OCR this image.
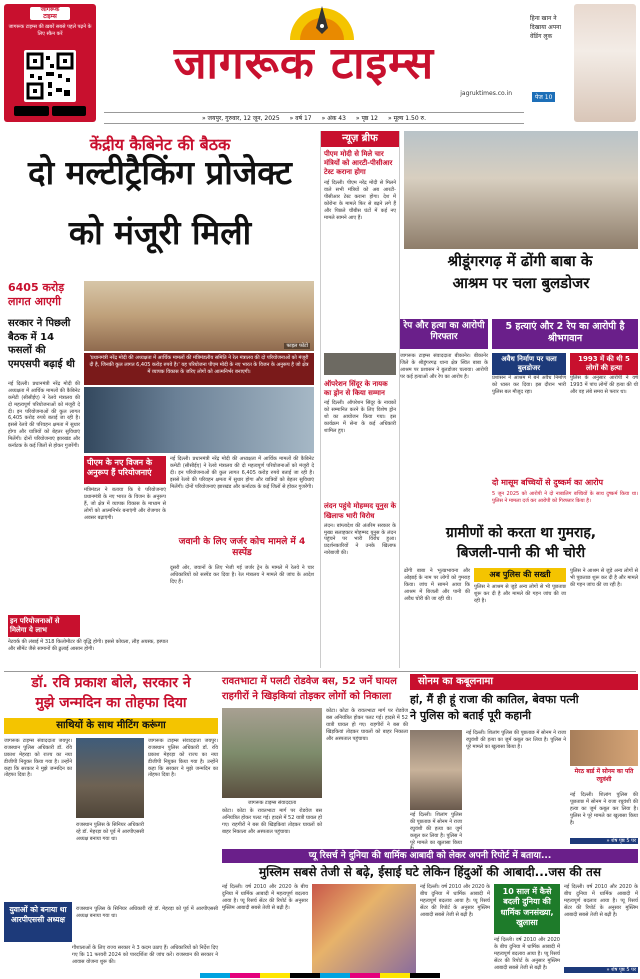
जागरूक
टाइम्स
जागरूक टाइम्स की ख़बरें सबसे पहले पढ़ने के लिए स्कैन करें
जागरूक टाइम्स
jagruktimes.co.in
हिना खान ने दिखाया अपना वेडिंग लुक
पेज 10
» जयपुर, गुरुवार, 12 जून, 2025 » वर्ष 17 » अंक 43 » पृष्ठ 12 » मूल्य 1.50 रु.
केंद्रीय कैबिनेट की बैठक
दो मल्टीट्रैकिंग प्रोजेक्ट
को मंजूरी मिली
6405 करोड़ लागत आएगी
सरकार ने पिछली बैठक में 14 फसलों की एमएसपी बढ़ाई थी
फाइल फोटो
'प्रधानमंत्री नरेंद्र मोदी की अध्यक्षता में आर्थिक मामलों की मंत्रिमंडलीय समिति ने रेल मंत्रालय की दो परियोजनाओं को मंजूरी दी है, जिनकी कुल लागत 6,405 करोड़ रुपये है।' यह परियोजना पीएम मोदी के नए भारत के विजन के अनुरूप है जो क्षेत्र में व्यापक विकास के जरिए लोगों को आत्मनिर्भर बनाएगी।
नई दिल्ली। प्रधानमंत्री नरेंद्र मोदी की अध्यक्षता में आर्थिक मामलों की कैबिनेट कमेटी (सीसीईए) ने रेलवे मंत्रालय की दो महत्वपूर्ण परियोजनाओं को मंजूरी दे दी। इन परियोजनाओं की कुल लागत 6,405 करोड़ रुपये बताई जा रही है। इससे रेलवे की परिवहन क्षमता में सुधार होगा और यात्रियों को बेहतर सुविधाएं मिलेंगी। दोनों परियोजनाएं झारखंड और कर्नाटक के कई जिलों से होकर गुजरेंगी।
पीएम के नए विजन के अनुरूप हैं परियोजनाएं
मंत्रिमंडल ने बताया कि ये परियोजनाएं प्रधानमंत्री के नए भारत के विजन के अनुरूप हैं, जो क्षेत्र में व्यापक विकास के माध्यम से लोगों को आत्मनिर्भर बनाएंगी और रोजगार के अवसर बढ़ाएंगी।
नई दिल्ली। प्रधानमंत्री नरेंद्र मोदी की अध्यक्षता में आर्थिक मामलों की कैबिनेट कमेटी (सीसीईए) ने रेलवे मंत्रालय की दो महत्वपूर्ण परियोजनाओं को मंजूरी दे दी। इन परियोजनाओं की कुल लागत 6,405 करोड़ रुपये बताई जा रही है। इससे रेलवे की परिवहन क्षमता में सुधार होगा और यात्रियों को बेहतर सुविधाएं मिलेंगी। दोनों परियोजनाएं झारखंड और कर्नाटक के कई जिलों से होकर गुजरेंगी।
जवानी के लिए जर्जर कोच मामले में 4 सस्पेंड
दूसरी ओर, जवानों के लिए भेजी गई जर्जर ट्रेन के मामले में रेलवे ने चार अधिकारियों को सस्पेंड कर दिया है। रेल मंत्रालय ने मामले की जांच के आदेश दिए हैं।
इन परियोजनाओं से मिलेगा ये लाभ
नेटवर्क की लंबाई में 318 किलोमीटर की वृद्धि होगी। इससे कोयला, लौह अयस्क, इस्पात और सीमेंट जैसे सामानों की ढुलाई आसान होगी।
न्यूज़ ब्रीफ
पीएम मोदी से मिले चार मंत्रियों को आरटी-पीसीआर टेस्ट कराना होगा
नई दिल्ली। पीएम नरेंद्र मोदी से मिलने वाले सभी मंत्रियों को अब आरटी-पीसीआर टेस्ट कराना होगा। देश में कोरोना के मामले फिर से बढ़ने लगे हैं और पिछले चौबीस घंटों में कई नए मामले सामने आए हैं।
ऑपरेशन सिंदूर के नायक का ड्रोन से किया सम्मान
नई दिल्ली। ऑपरेशन सिंदूर के नायकों को सम्मानित करने के लिए विशेष ड्रोन शो का आयोजन किया गया। इस कार्यक्रम में सेना के कई अधिकारी शामिल हुए।
लंदन पहुंचे मोहम्मद यूनुस के खिलाफ भारी विरोध
लंदन। बांग्लादेश की अंतरिम सरकार के मुख्य सलाहकार मोहम्मद यूनुस के लंदन पहुंचने पर भारी विरोध हुआ। प्रदर्शनकारियों ने उनके खिलाफ नारेबाजी की।
श्रीडूंगरगढ़ में ढोंगी बाबा के
आश्रम पर चला बुलडोजर
रेप और हत्या का आरोपी गिरफ्तार
5 हत्याएं और 2 रेप का आरोपी है श्रीभगवान
जागरूक टाइम्स संवाददाता बीकानेर। बीकानेर जिले के श्रीडूंगरगढ़ थाना क्षेत्र स्थित बाबा के आश्रम पर प्रशासन ने बुलडोजर चलाया। आरोपी पर कई हत्याओं और रेप का आरोप है।
अवैध निर्माण पर चला बुलडोजर
प्रशासन ने आश्रम में बने अवैध निर्माण को ध्वस्त कर दिया। इस दौरान भारी पुलिस बल मौजूद रहा।
1993 में की थी 5 लोगों की हत्या
पुलिस के अनुसार आरोपी ने वर्ष 1993 में पांच लोगों की हत्या की थी और वह लंबे समय से फरार था।
दो मासूम बच्चियों से दुष्कर्म का आरोप
5 जून 2025 को आरोपी ने दो नाबालिग बच्चियों के साथ दुष्कर्म किया था। पुलिस ने मामला दर्ज कर आरोपी को गिरफ्तार किया है।
ग्रामीणों को करता था गुमराह,
बिजली-पानी की भी चोरी
ढोंगी बाबा ने भूतप्रभावना और ओझाई के नाम पर लोगों को गुमराह किया। जांच में सामने आया कि आश्रम में बिजली और पानी की अवैध चोरी की जा रही थी।
अब पुलिस की सख्ती
पुलिस ने आश्रम से जुड़े अन्य लोगों से भी पूछताछ शुरू कर दी है और मामले की गहन जांच की जा रही है।
पुलिस ने आश्रम से जुड़े अन्य लोगों से भी पूछताछ शुरू कर दी है और मामले की गहन जांच की जा रही है।
डॉ. रवि प्रकाश बोले, सरकार ने
मुझे जन्मदिन का तोहफा दिया
साथियों के साथ मीटिंग करूंगा
जागरूक टाइम्स संवाददाता जयपुर। राजस्थान पुलिस अधिकारी डॉ. रवि प्रकाश मेहरड़ा को राज्य का नया डीजीपी नियुक्त किया गया है। उन्होंने कहा कि सरकार ने मुझे जन्मदिन का तोहफा दिया है।
जागरूक टाइम्स संवाददाता जयपुर। राजस्थान पुलिस अधिकारी डॉ. रवि प्रकाश मेहरड़ा को राज्य का नया डीजीपी नियुक्त किया गया है। उन्होंने कहा कि सरकार ने मुझे जन्मदिन का तोहफा दिया है।
राजस्थान पुलिस के सिनियर अधिकारी रहे डॉ. मेहरड़ा को पूर्व में आरपीएससी अध्यक्ष बनाया गया था।
युवाओं को बनाया था आरपीएससी अध्यक्ष
राजस्थान पुलिस के सिनियर अधिकारी रहे डॉ. मेहरड़ा को पूर्व में आरपीएससी अध्यक्ष बनाया गया था।
रावतभाटा में पलटी रोडवेज बस, 52 जनें घायल
राहगीरों ने खिड़कियां तोड़कर लोगों को निकाला
जागरूक टाइम्स संवाददाता
कोटा। कोटा के रावतभाटा मार्ग पर रोडवेज बस अनियंत्रित होकर पलट गई। हादसे में 52 यात्री घायल हो गए। राहगीरों ने बस की खिड़कियां तोड़कर घायलों को बाहर निकाला और अस्पताल पहुंचाया।
कोटा। कोटा के रावतभाटा मार्ग पर रोडवेज बस अनियंत्रित होकर पलट गई। हादसे में 52 यात्री घायल हो गए। राहगीरों ने बस की खिड़कियां तोड़कर घायलों को बाहर निकाला और अस्पताल पहुंचाया।
सोनम का कबूलनामा
हां, मैं ही हूं राजा की कातिल, बेवफा पत्नी
ने पुलिस को बताई पूरी कहानी
नई दिल्ली। शिलांग पुलिस की पूछताछ में सोनम ने राजा रघुवंशी की हत्या का जुर्म कबूल कर लिया है। पुलिस ने पूरे मामले का खुलासा किया है।
मेरठ बार्ड में सोनम का पति रघुवंशी
नई दिल्ली। शिलांग पुलिस की पूछताछ में सोनम ने राजा रघुवंशी की हत्या का जुर्म कबूल कर लिया है। पुलिस ने पूरे मामले का खुलासा किया
नई दिल्ली। शिलांग पुलिस की पूछताछ में सोनम ने राजा रघुवंशी की हत्या का जुर्म कबूल कर लिया है। पुलिस ने पूरे मामले का खुलासा किया है।
» शेष पृष्ठ 5 पर
प्यू रिसर्च ने दुनिया की धार्मिक आबादी को लेकर अपनी रिपोर्ट में बताया...
मुस्लिम सबसे तेजी से बढ़े, ईसाई घटे लेकिन हिंदुओं की आबादी...जस की तस
नई दिल्ली। वर्ष 2010 और 2020 के बीच दुनिया में धार्मिक आबादी में महत्वपूर्ण बदलाव आया है। प्यू रिसर्च सेंटर की रिपोर्ट के अनुसार मुस्लिम आबादी सबसे तेजी से बढ़ी है।
नई दिल्ली। वर्ष 2010 और 2020 के बीच दुनिया में धार्मिक आबादी में महत्वपूर्ण बदलाव आया है। प्यू रिसर्च सेंटर की रिपोर्ट के अनुसार मुस्लिम आबादी सबसे तेजी से बढ़ी है।
10 साल में कैसे बदली दुनिया की धार्मिक जनसंख्या, खुलासा
नई दिल्ली। वर्ष 2010 और 2020 के बीच दुनिया में धार्मिक आबादी में महत्वपूर्ण बदलाव आया है। प्यू रिसर्च सेंटर की रिपोर्ट के अनुसार मुस्लिम आबादी सबसे तेजी से बढ़ी है।
नई दिल्ली। वर्ष 2010 और 2020 के बीच दुनिया में धार्मिक आबादी में महत्वपूर्ण बदलाव आया है। प्यू रिसर्च सेंटर की रिपोर्ट के अनुसार मुस्लिम आबादी सबसे तेजी से बढ़ी है।	» शेष पृष्ठ 5 पर
गौशालाओं के लिए राज्य सरकार ने 3 कदम उठाए हैं। अधिकारियों को निर्देश दिए गए कि 11 फरवरी 2024 को पारदर्शिता की जांच करें। राजस्थान की सरकार ने आवास योजना शुरू की।
